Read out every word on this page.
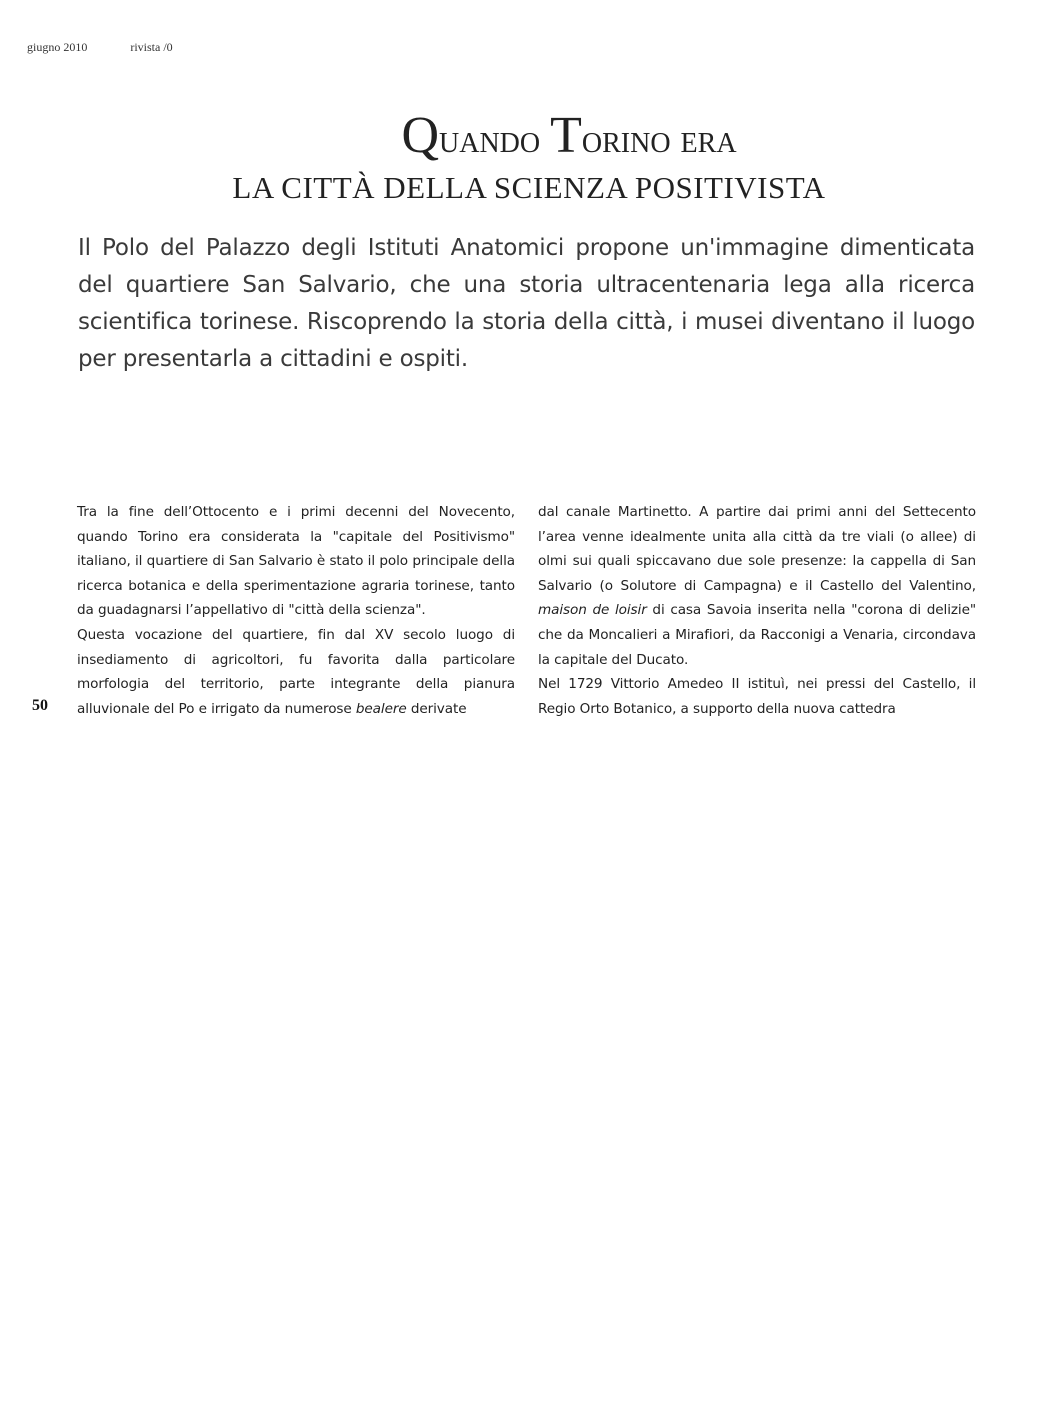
giugno 2010	rivista /0
Quando Torino era
LA CITTÀ DELLA SCIENZA POSITIVISTA
Il Polo del Palazzo degli Istituti Anatomici propone un'immagine dimenticata del quartiere San Salvario, che una storia ultracentenaria lega alla ricerca scientifica torinese. Riscoprendo la storia della città, i musei diventano il luogo per presentarla a cittadini e ospiti.

Tra la fine dell’Ottocento e i primi decenni del Novecento, quando Torino era considerata la "capitale del Positivismo" italiano, il quartiere di San Salvario è stato il polo principale della ricerca botanica e della sperimentazione agraria torinese, tanto da guadagnarsi l’appellativo di "città della scienza".

Questa vocazione del quartiere, fin dal XV secolo luogo di insediamento di agricoltori, fu favorita dalla particolare morfologia del territorio, parte integrante della pianura alluvionale del Po e irrigato da numerose bealere derivate

dal canale Martinetto. A partire dai primi anni del Settecento l’area venne idealmente unita alla città da tre viali (o allee) di olmi sui quali spiccavano due sole presenze: la cappella di San Salvario (o Solutore di Campagna) e il Castello del Valentino, maison de loisir di casa Savoia inserita nella "corona di delizie" che da Moncalieri a Mirafiori, da Racconigi a Venaria, circondava la capitale del Ducato.

Nel 1729 Vittorio Amedeo II istituì, nei pressi del Castello, il Regio Orto Botanico, a supporto della nuova cattedra

50
